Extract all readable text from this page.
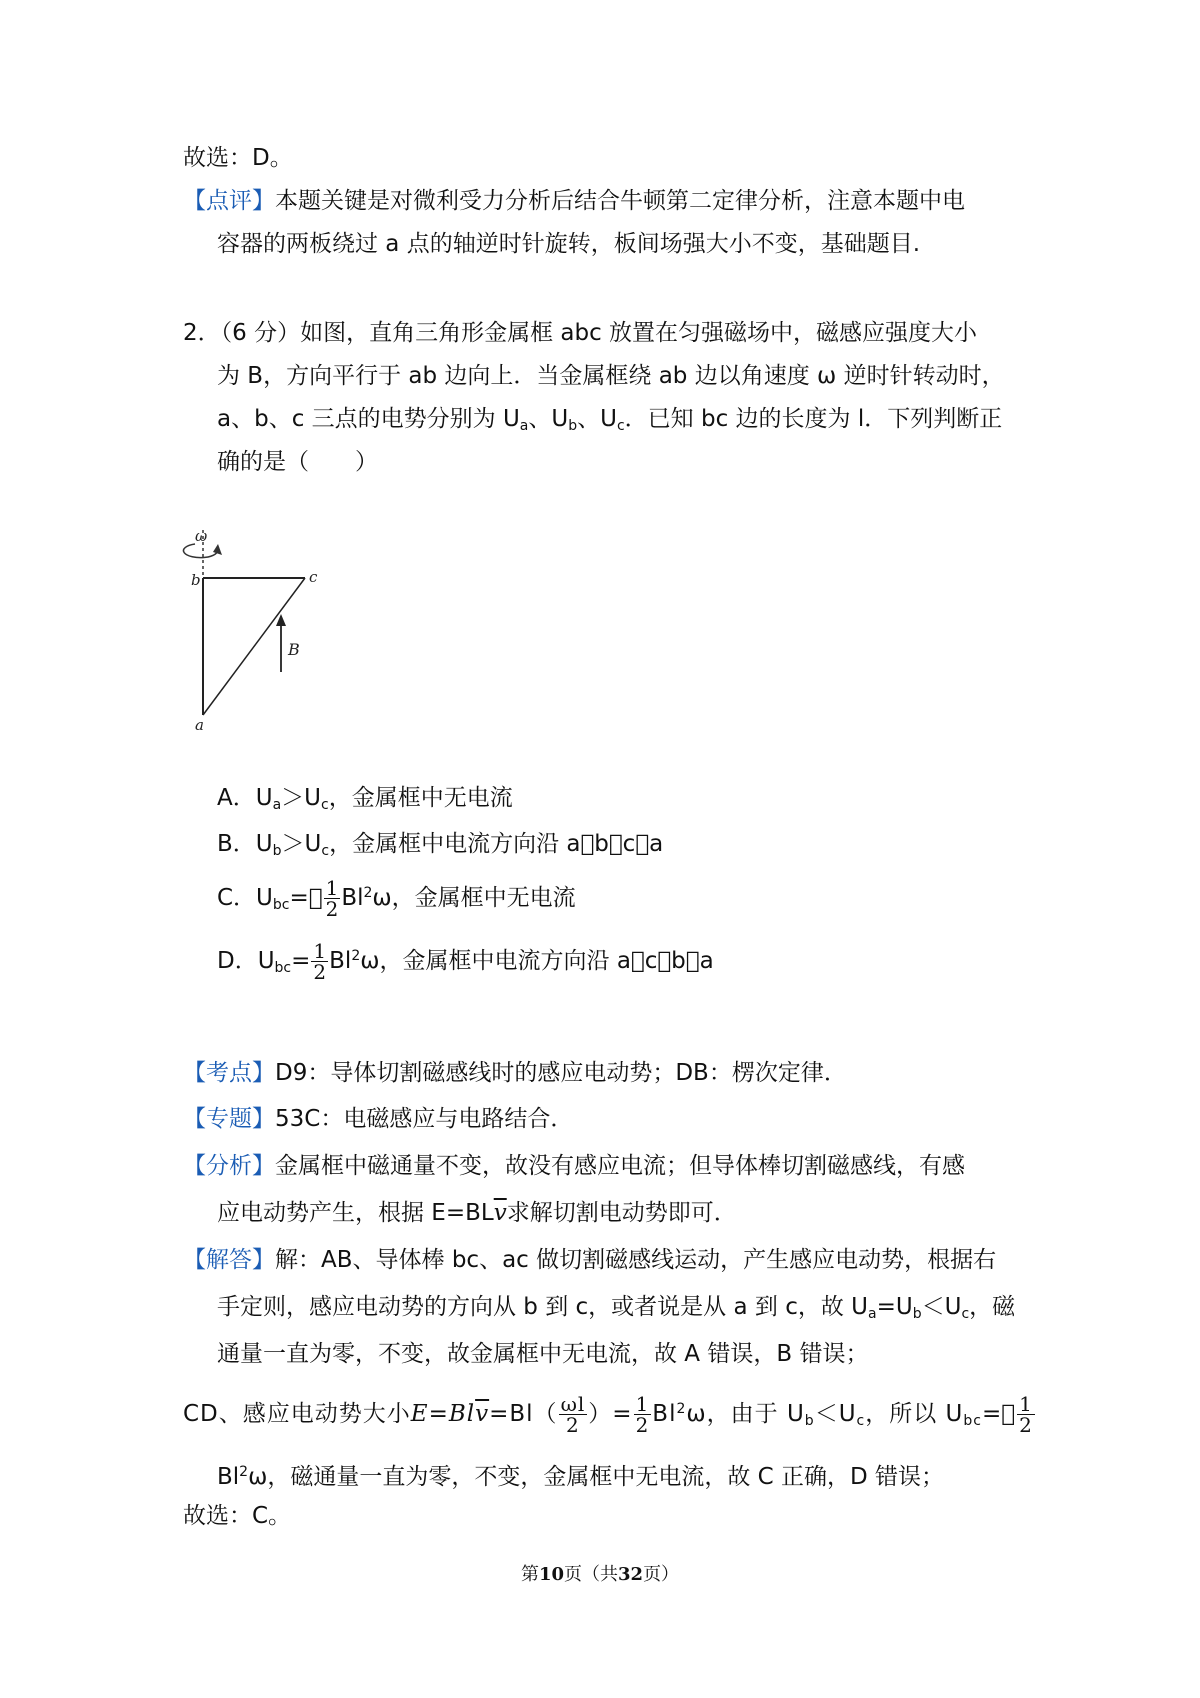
故选：D。
【点评】本题关键是对微利受力分析后结合牛顿第二定律分析，注意本题中电
容器的两板绕过 a 点的轴逆时针旋转，板间场强大小不变，基础题目.
2．（6 分）如图，直角三角形金属框 abc 放置在匀强磁场中，磁感应强度大小
为 B，方向平行于 ab 边向上．当金属框绕 ab 边以角速度 ω 逆时针转动时，
a、b、c 三点的电势分别为 $U_a$、$U_b$、$U_c$．已知 bc 边的长度为 l．下列判断正
确的是（　　）
ω
b	c
a
B
A．$U_a>U_c$，金属框中无电流
B．$U_b>U_c$，金属框中电流方向沿 a⃞b⃞c⃞a
C．$U_{bc}=⃞ \frac{1}{2} Bl^2\omega$，金属框中无电流
D．$U_{bc}= \frac{1}{2} Bl^2\omega$，金属框中电流方向沿 a⃞c⃞b⃞a
【考点】D9：导体切割磁感线时的感应电动势；DB：楞次定律．
【专题】53C：电磁感应与电路结合．
【分析】金属框中磁通量不变，故没有感应电流；但导体棒切割磁感线，有感
应电动势产生，根据 $E=BL\overline{v}$求解切割电动势即可．
【解答】解：AB、导体棒 bc、ac 做切割磁感线运动，产生感应电动势，根据右
手定则，感应电动势的方向从 b 到 c，或者说是从 a 到 c，故 $U_a=U_b<U_c$，磁
通量一直为零，不变，故金属框中无电流，故 A 错误，B 错误；
CD、感应电动势大小$E=Bl\overline{v}=Bl( \frac{\omega l}{2}$ ）= $\frac{1}{2} Bl^2\omega$，由于 $U_b<U_c$，所以 $U_{bc}=⃞ \frac{1}{2}$
Bl$^2$ω，磁通量一直为零，不变，金属框中无电流，故 C 正确，D 错误；
故选：C。
第10页（共32页）
